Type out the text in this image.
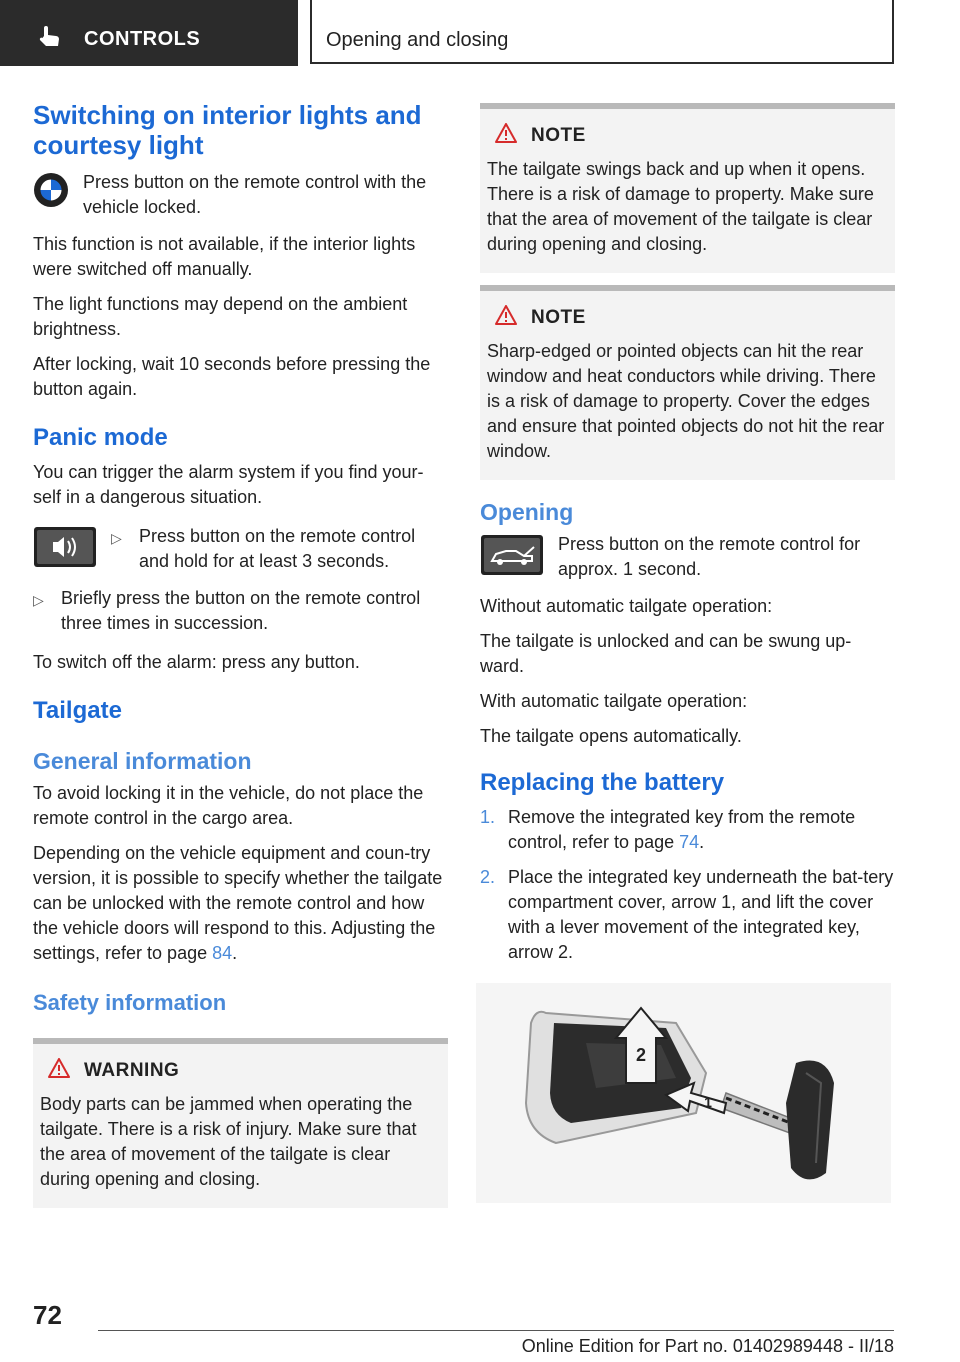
CONTROLS	Opening and closing
Switching on interior lights and courtesy light

Press button on the remote control with the vehicle locked.

This function is not available, if the interior lights were switched off manually.

The light functions may depend on the ambient brightness.

After locking, wait 10 seconds before pressing the button again.

Panic mode

You can trigger the alarm system if you find your‐self in a dangerous situation.

▷ Press button on the remote control and hold for at least 3 seconds.
▷ Briefly press the button on the remote control three times in succession.

To switch off the alarm: press any button.

Tailgate
General information

To avoid locking it in the vehicle, do not place the remote control in the cargo area.

Depending on the vehicle equipment and coun‐try version, it is possible to specify whether the tailgate can be unlocked with the remote control and how the vehicle doors will respond to this. Adjusting the settings, refer to page 84.

Safety information
WARNING

Body parts can be jammed when operating the tailgate. There is a risk of injury. Make sure that the area of movement of the tailgate is clear during opening and closing.

NOTE

The tailgate swings back and up when it opens. There is a risk of damage to property. Make sure that the area of movement of the tailgate is clear during opening and closing.

NOTE

Sharp-edged or pointed objects can hit the rear window and heat conductors while driving. There is a risk of damage to property. Cover the edges and ensure that pointed objects do not hit the rear window.

Opening

Press button on the remote control for approx. 1 second.

Without automatic tailgate operation:

The tailgate is unlocked and can be swung up‐ward.

With automatic tailgate operation:

The tailgate opens automatically.

Replacing the battery
1. Remove the integrated key from the remote control, refer to page 74.
2. Place the integrated key underneath the bat‐tery compartment cover, arrow 1, and lift the cover with a lever movement of the integrated key, arrow 2.
2
1
72
Online Edition for Part no. 01402989448 - II/18
